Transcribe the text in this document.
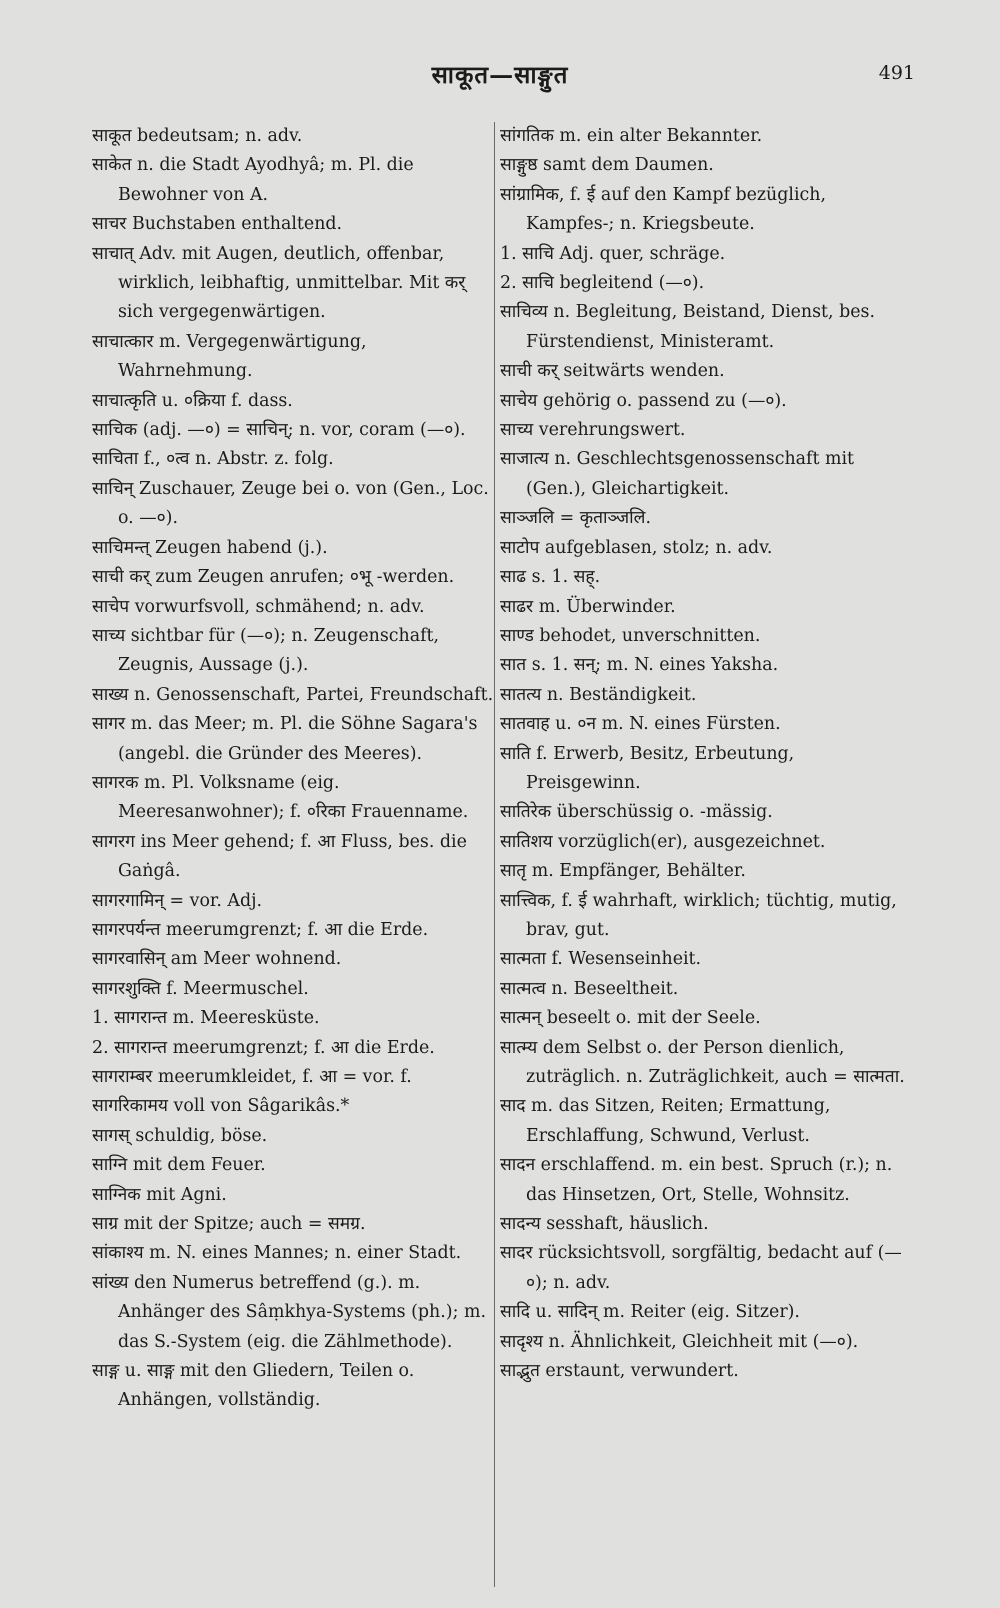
साकूत—साङ्गुत	491

साकूत bedeutsam; n. adv.

साकेत n. die Stadt Ayodhyâ; m. Pl. die Bewohner von A.

साचर Buchstaben enthaltend.

साचात् Adv. mit Augen, deutlich, offenbar, wirklich, leibhaftig, unmittelbar. Mit कर् sich vergegenwärtigen.

साचात्कार m. Vergegenwärtigung, Wahrnehmung.

साचात्कृति u. ०क्रिया f. dass.

साचिक (adj. —०) = साचिन्; n. vor, coram (—०).

साचिता f., ०त्व n. Abstr. z. folg.

साचिन् Zuschauer, Zeuge bei o. von (Gen., Loc. o. —०).

साचिमन्त् Zeugen habend (j.).

साची कर् zum Zeugen anrufen; ०भू -werden.

साचेप vorwurfsvoll, schmähend; n. adv.

साच्य sichtbar für (—०); n. Zeugenschaft, Zeugnis, Aussage (j.).

साख्य n. Genossenschaft, Partei, Freundschaft.

सागर m. das Meer; m. Pl. die Söhne Sagara's (angebl. die Gründer des Meeres).

सागरक m. Pl. Volksname (eig. Meeresanwohner); f. ०रिका Frauenname.

सागरग ins Meer gehend; f. आ Fluss, bes. die Gaṅgâ.

सागरगामिन् = vor. Adj.

सागरपर्यन्त meerumgrenzt; f. आ die Erde.

सागरवासिन् am Meer wohnend.

सागरशुक्ति f. Meermuschel.

1. सागरान्त m. Meeresküste.

2. सागरान्त meerumgrenzt; f. आ die Erde.

सागराम्बर meerumkleidet, f. आ = vor. f.

सागरिकामय voll von Sâgarikâs.*

सागस् schuldig, böse.

साग्नि mit dem Feuer.

साग्निक mit Agni.

साग्र mit der Spitze; auch = समग्र.

सांकाश्य m. N. eines Mannes; n. einer Stadt.

सांख्य den Numerus betreffend (g.). m. Anhänger des Sâṃkhya-Systems (ph.); m. das S.-System (eig. die Zählmethode).

साङ्ग u. साङ्ग mit den Gliedern, Teilen o. Anhängen, vollständig.

सांगतिक m. ein alter Bekannter.

साङ्गुष्ठ samt dem Daumen.

सांग्रामिक, f. ई auf den Kampf bezüglich, Kampfes-; n. Kriegsbeute.

1. साचि Adj. quer, schräge.

2. साचि begleitend (—०).

साचिव्य n. Begleitung, Beistand, Dienst, bes. Fürstendienst, Ministeramt.

साची कर् seitwärts wenden.

साचेय gehörig o. passend zu (—०).

साच्य verehrungswert.

साजात्य n. Geschlechtsgenossenschaft mit (Gen.), Gleichartigkeit.

साञ्जलि = कृताञ्जलि.

साटोप aufgeblasen, stolz; n. adv.

साढ s. 1. सह्.

साढर m. Überwinder.

साण्ड behodet, unverschnitten.

सात s. 1. सन्; m. N. eines Yaksha.

सातत्य n. Beständigkeit.

सातवाह u. ०न m. N. eines Fürsten.

साति f. Erwerb, Besitz, Erbeutung, Preisgewinn.

सातिरेक überschüssig o. -mässig.

सातिशय vorzüglich(er), ausgezeichnet.

सातृ m. Empfänger, Behälter.

सात्त्विक, f. ई wahrhaft, wirklich; tüchtig, mutig, brav, gut.

सात्मता f. Wesenseinheit.

सात्मत्व n. Beseeltheit.

सात्मन् beseelt o. mit der Seele.

सात्म्य dem Selbst o. der Person dienlich, zuträglich. n. Zuträglichkeit, auch = सात्मता.

साद m. das Sitzen, Reiten; Ermattung, Erschlaffung, Schwund, Verlust.

सादन erschlaffend. m. ein best. Spruch (r.); n. das Hinsetzen, Ort, Stelle, Wohnsitz.

सादन्य sesshaft, häuslich.

सादर rücksichtsvoll, sorgfältig, bedacht auf (—०); n. adv.

सादि u. सादिन् m. Reiter (eig. Sitzer).

सादृश्य n. Ähnlichkeit, Gleichheit mit (—०).

साद्भुत erstaunt, verwundert.
